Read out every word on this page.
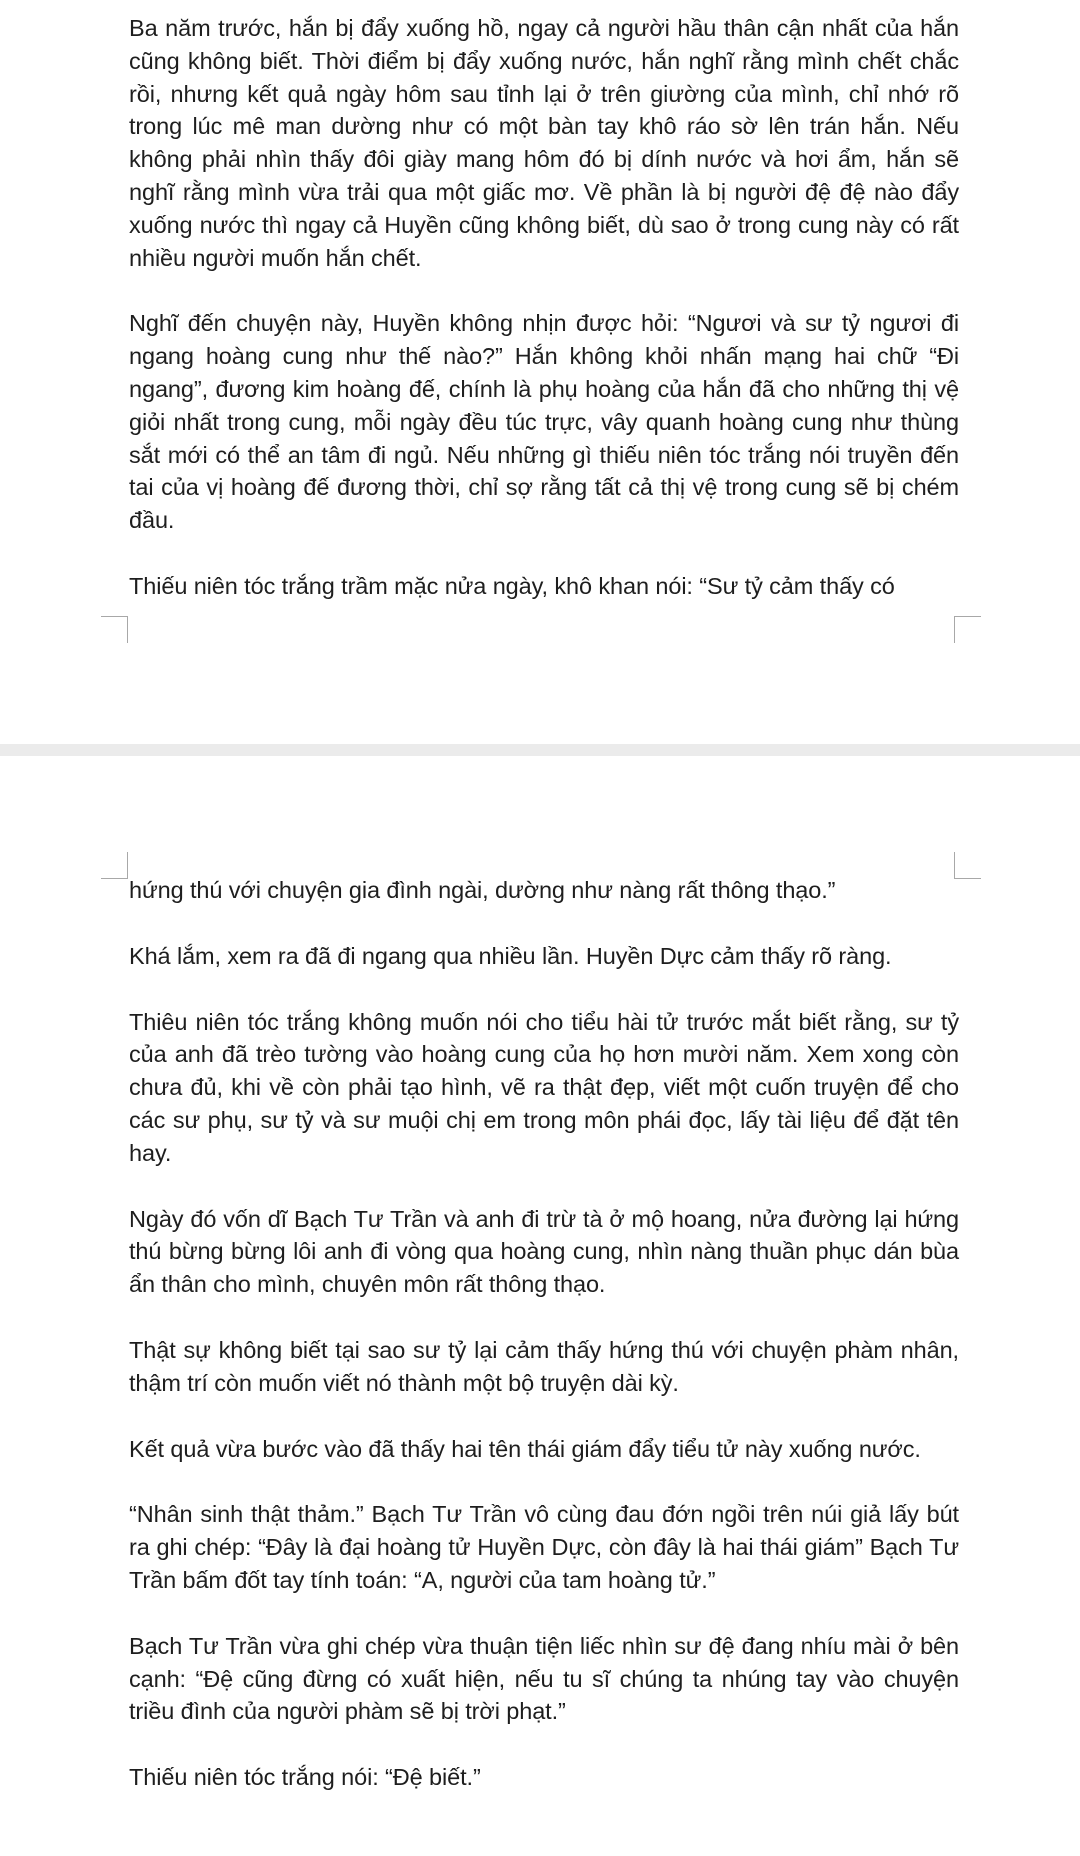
Ba năm trước, hắn bị đẩy xuống hồ, ngay cả người hầu thân cận nhất của hắn cũng không biết. Thời điểm bị đẩy xuống nước, hắn nghĩ rằng mình chết chắc rồi, nhưng kết quả ngày hôm sau tỉnh lại ở trên giường của mình, chỉ nhớ rõ trong lúc mê man dường như có một bàn tay khô ráo sờ lên trán hắn. Nếu không phải nhìn thấy đôi giày mang hôm đó bị dính nước và hơi ẩm, hắn sẽ nghĩ rằng mình vừa trải qua một giấc mơ. Về phần là bị người đệ đệ nào đẩy xuống nước thì ngay cả Huyền cũng không biết, dù sao ở trong cung này có rất nhiều người muốn hắn chết.

Nghĩ đến chuyện này, Huyền không nhịn được hỏi: “Ngươi và sư tỷ ngươi đi ngang hoàng cung như thế nào?” Hắn không khỏi nhấn mạng hai chữ “Đi ngang”, đương kim hoàng đế, chính là phụ hoàng của hắn đã cho những thị vệ giỏi nhất trong cung, mỗi ngày đều túc trực, vây quanh hoàng cung như thùng sắt mới có thể an tâm đi ngủ. Nếu những gì thiếu niên tóc trắng nói truyền đến tai của vị hoàng đế đương thời, chỉ sợ rằng tất cả thị vệ trong cung sẽ bị chém đầu.

Thiếu niên tóc trắng trầm mặc nửa ngày, khô khan nói: “Sư tỷ cảm thấy có

hứng thú với chuyện gia đình ngài, dường như nàng rất thông thạo.”

Khá lắm, xem ra đã đi ngang qua nhiều lần. Huyền Dực cảm thấy rõ ràng.

Thiêu niên tóc trắng không muốn nói cho tiểu hài tử trước mắt biết rằng, sư tỷ của anh đã trèo tường vào hoàng cung của họ hơn mười năm. Xem xong còn chưa đủ, khi về còn phải tạo hình, vẽ ra thật đẹp, viết một cuốn truyện để cho các sư phụ, sư tỷ và sư muội chị em trong môn phái đọc, lấy tài liệu để đặt tên hay.

Ngày đó vốn dĩ Bạch Tư Trần và anh đi trừ tà ở mộ hoang, nửa đường lại hứng thú bừng bừng lôi anh đi vòng qua hoàng cung, nhìn nàng thuần phục dán bùa ẩn thân cho mình, chuyên môn rất thông thạo.

Thật sự không biết tại sao sư tỷ lại cảm thấy hứng thú với chuyện phàm nhân, thậm trí còn muốn viết nó thành một bộ truyện dài kỳ.

Kết quả vừa bước vào đã thấy hai tên thái giám đẩy tiểu tử này xuống nước.

“Nhân sinh thật thảm.” Bạch Tư Trần vô cùng đau đớn ngồi trên núi giả lấy bút ra ghi chép: “Đây là đại hoàng tử Huyền Dực, còn đây là hai thái giám” Bạch Tư Trần bấm đốt tay tính toán: “A, người của tam hoàng tử.”

Bạch Tư Trần vừa ghi chép vừa thuận tiện liếc nhìn sư đệ đang nhíu mài ở bên cạnh: “Đệ cũng đừng có xuất hiện, nếu tu sĩ chúng ta nhúng tay vào chuyện triều đình của người phàm sẽ bị trời phạt.”

Thiếu niên tóc trắng nói: “Đệ biết.”
